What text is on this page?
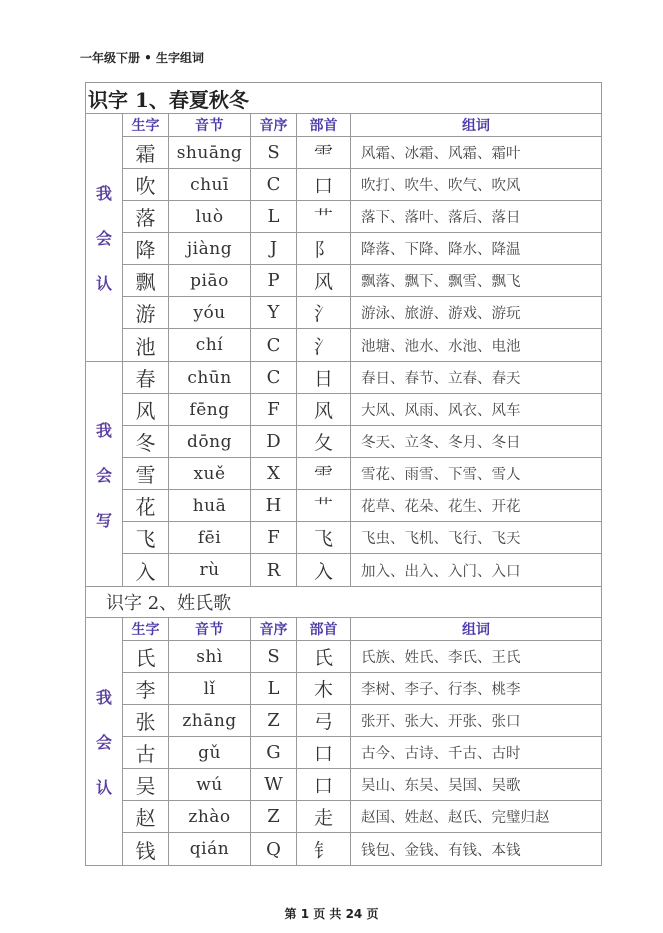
一年级下册 • 生字组词
识字 1、春夏秋冬
我
会
认
生字	音节	音序	部首	组词
霜	shuāng	S	⻗	风霜、冰霜、风霜、霜叶
吹	chuī	C	口	吹打、吹牛、吹气、吹风
落	luò	L	艹	落下、落叶、落后、落日
降	jiàng	J	阝	降落、下降、降水、降温
飘	piāo	P	风	飘落、飘下、飘雪、飘飞
游	yóu	Y	氵	游泳、旅游、游戏、游玩
池	chí	C	氵	池塘、池水、水池、电池
我
会
写
春	chūn	C	日	春日、春节、立春、春天
风	fēng	F	风	大风、风雨、风衣、风车
冬	dōng	D	夂	冬天、立冬、冬月、冬日
雪	xuě	X	⻗	雪花、雨雪、下雪、雪人
花	huā	H	艹	花草、花朵、花生、开花
飞	fēi	F	飞	飞虫、飞机、飞行、飞天
入	rù	R	入	加入、出入、入门、入口
识字 2、姓氏歌
我
会
认
生字	音节	音序	部首	组词
氏	shì	S	氏	氏族、姓氏、李氏、王氏
李	lǐ	L	木	李树、李子、行李、桃李
张	zhāng	Z	弓	张开、张大、开张、张口
古	gǔ	G	口	古今、古诗、千古、古时
吴	wú	W	口	吴山、东吴、吴国、吴歌
赵	zhào	Z	走	赵国、姓赵、赵氏、完璧归赵
钱	qián	Q	钅	钱包、金钱、有钱、本钱
第 1 页 共 24 页
